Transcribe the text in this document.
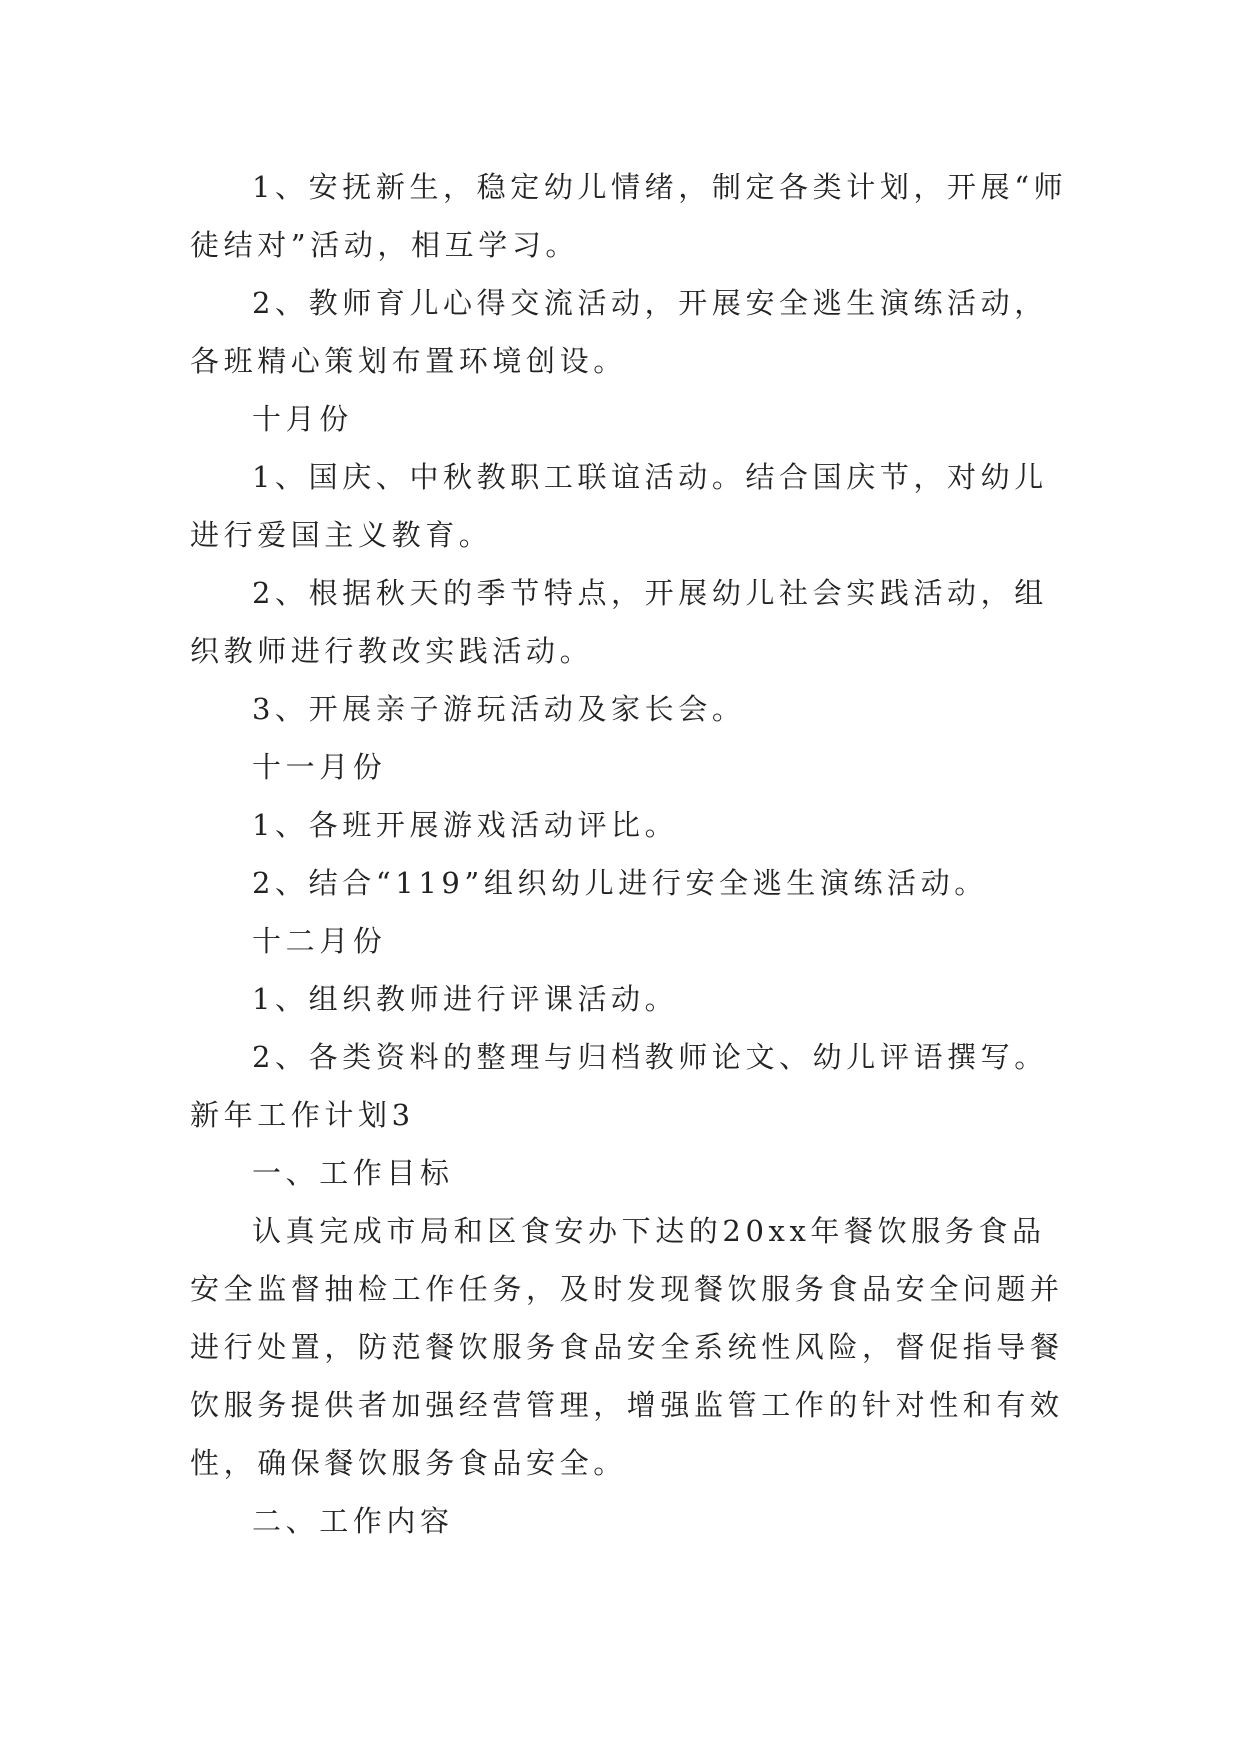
1、安抚新生，稳定幼儿情绪，制定各类计划，开展“师

徒结对”活动，相互学习。

2、教师育儿心得交流活动，开展安全逃生演练活动，

各班精心策划布置环境创设。

十月份

1、国庆、中秋教职工联谊活动。结合国庆节，对幼儿

进行爱国主义教育。

2、根据秋天的季节特点，开展幼儿社会实践活动，组

织教师进行教改实践活动。

3、开展亲子游玩活动及家长会。

十一月份

1、各班开展游戏活动评比。

2、结合“119”组织幼儿进行安全逃生演练活动。

十二月份

1、组织教师进行评课活动。

2、各类资料的整理与归档教师论文、幼儿评语撰写。

新年工作计划3

一、工作目标

认真完成市局和区食安办下达的20xx年餐饮服务食品

安全监督抽检工作任务，及时发现餐饮服务食品安全问题并

进行处置，防范餐饮服务食品安全系统性风险，督促指导餐

饮服务提供者加强经营管理，增强监管工作的针对性和有效

性，确保餐饮服务食品安全。

二、工作内容
